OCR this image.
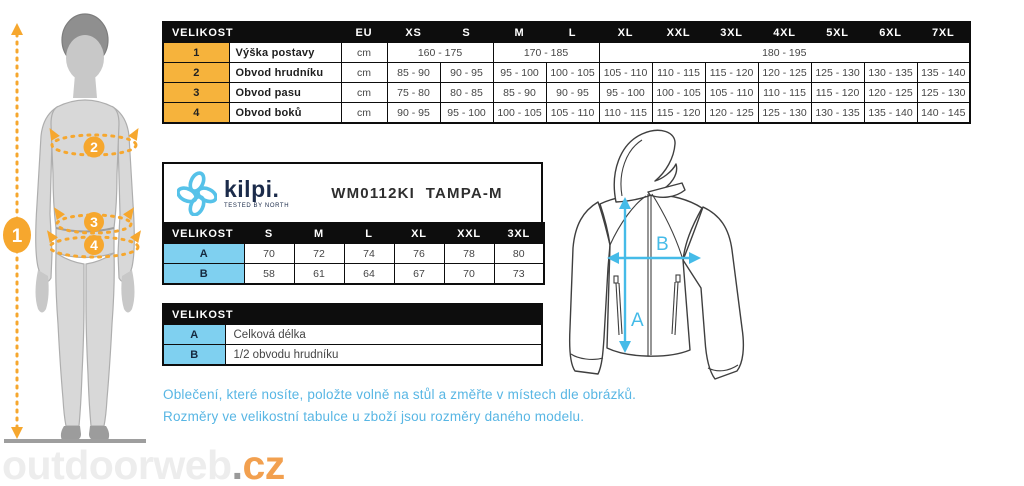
1
2
3
4
VELIKOST		EU	XS	S	M	L	XL	XXL	3XL	4XL	5XL	6XL	7XL
1	Výška postavy	cm	160 - 175		170 - 185		180 - 195						
2	Obvod hrudníku	cm	85 - 90	90 - 95	95 - 100	100 - 105	105 - 110	110 - 115	115 - 120	120 - 125	125 - 130	130 - 135	135 - 140
3	Obvod pasu	cm	75 - 80	80 - 85	85 - 90	90 - 95	95 - 100	100 - 105	105 - 110	110 - 115	115 - 120	120 - 125	125 - 130
4	Obvod boků	cm	90 - 95	95 - 100	100 - 105	105 - 110	110 - 115	115 - 120	120 - 125	125 - 130	130 - 135	135 - 140	140 - 145
kilpi.
TESTED BY NORTH
WM0112KI  TAMPA-M
VELIKOST	S	M	L	XL	XXL	3XL
A	70	72	74	76	78	80
B	58	61	64	67	70	73
VELIKOST	
A	Celková délka
B	1/2 obvodu hrudníku
A
B
Oblečení, které nosíte, položte volně na stůl a změřte v místech dle obrázků.
Rozměry ve velikostní tabulce u zboží jsou rozměry daného modelu.
outdoorweb.cz
